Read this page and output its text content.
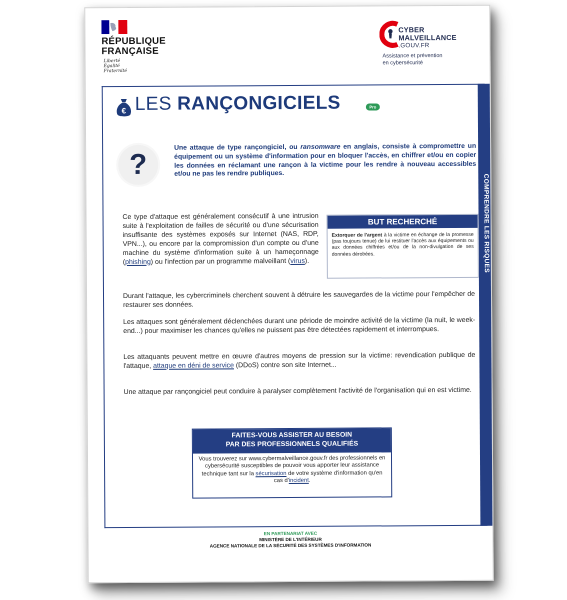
RÉPUBLIQUE
FRANÇAISE
Liberté
Égalité
Fraternité
CYBER
MALVEILLANCE
.GOUV.FR
Assistance et prévention
en cybersécurité
COMPRENDRE LES RISQUES
€ LES RANÇONGICIELS	Pro
?
Une attaque de type rançongiciel, ou ransomware en anglais, consiste à compromettre un équipement ou un système d'information pour en bloquer l'accès, en chiffrer et/ou en copier les données en réclamant une rançon à la victime pour les rendre à nouveau accessibles et/ou ne pas les rendre publiques.
Ce type d'attaque est généralement consécutif à une intrusion suite à l'exploitation de failles de sécurité ou d'une sécurisation insuffisante des systèmes exposés sur Internet (NAS, RDP, VPN...), ou encore par la compromission d'un compte ou d'une machine du système d'information suite à un hameçonnage (phishing) ou l'infection par un programme malveillant (virus).
BUT RECHERCHÉ
Extorquer de l'argent à la victime en échange de la promesse (pas toujours tenue) de lui restituer l'accès aux équipements ou aux données chiffrées et/ou de la non-divulgation de ses données dérobées.
Durant l'attaque, les cybercriminels cherchent souvent à détruire les sauvegardes de la victime pour l'empêcher de restaurer ses données.
Les attaques sont généralement déclenchées durant une période de moindre activité de la victime (la nuit, le week-end...) pour maximiser les chances qu'elles ne puissent pas être détectées rapidement et interrompues.
Les attaquants peuvent mettre en œuvre d'autres moyens de pression sur la victime: revendication publique de l'attaque, attaque en déni de service (DDoS) contre son site Internet...
Une attaque par rançongiciel peut conduire à paralyser complètement l'activité de l'organisation qui en est victime.
FAITES-VOUS ASSISTER AU BESOIN
PAR DES PROFESSIONNELS QUALIFIÉS
Vous trouverez sur www.cybermalveillance.gouv.fr des professionnels en cybersécurité susceptibles de pouvoir vous apporter leur assistance technique tant sur la sécurisation de votre système d'information qu'en cas d'incident.
EN PARTENARIAT AVEC
MINISTÈRE DE L'INTÉRIEUR
AGENCE NATIONALE DE LA SÉCURITÉ DES SYSTÈMES D'INFORMATION
